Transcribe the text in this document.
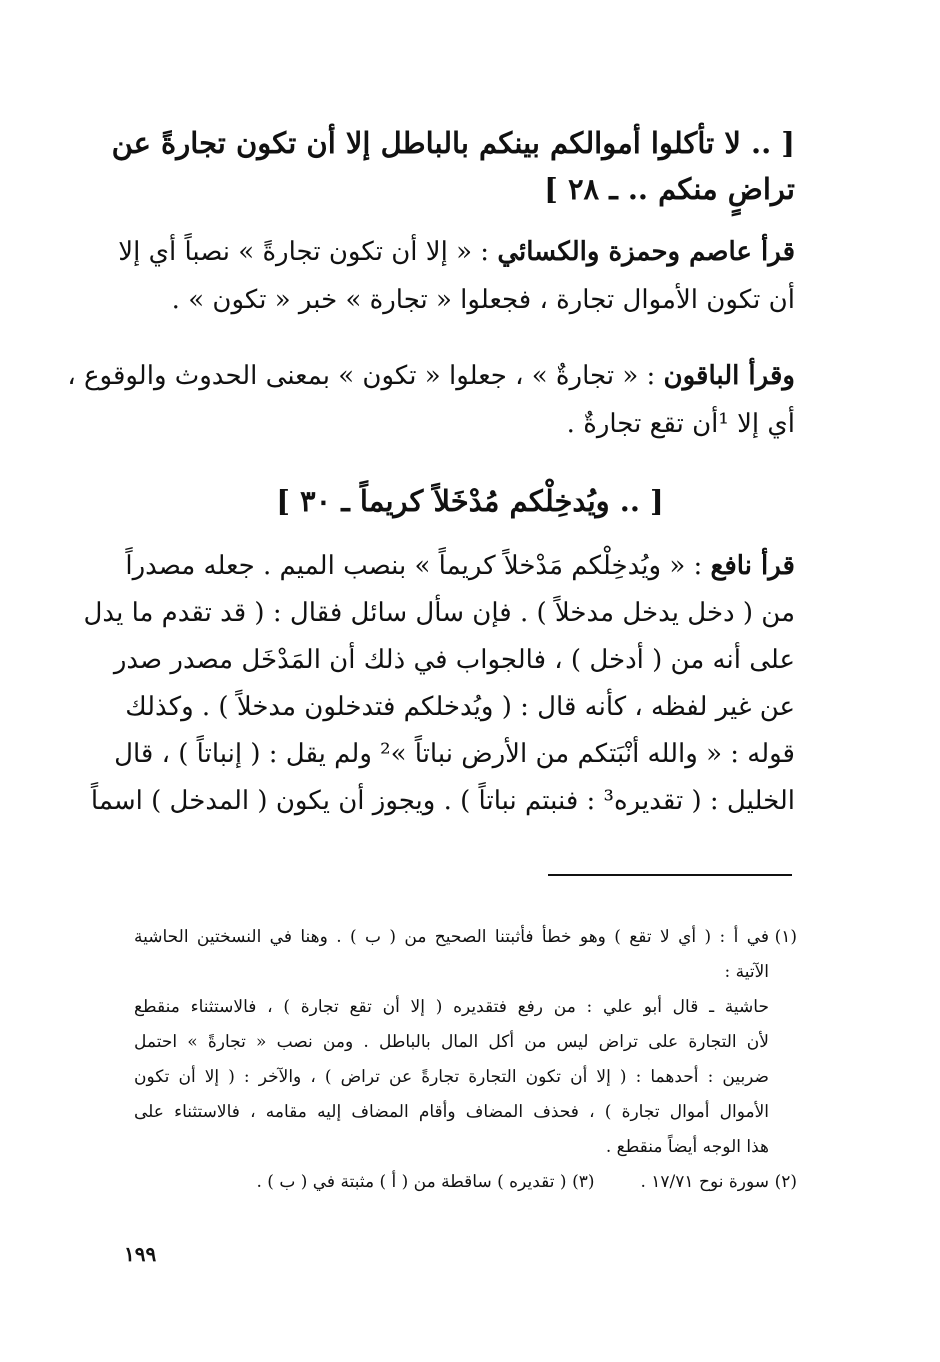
[ .. لا تأكلوا أموالكم بينكم بالباطل إلا أن تكون تجارةً عن
تراضٍ منكم .. ـ ٢٨ ]
قرأ عاصم وحمزة والكسائي : « إلا أن تكون تجارةً » نصباً أي إلا
أن تكون الأموال تجارة ، فجعلوا « تجارة » خبر « تكون » .
وقرأ الباقون : « تجارةٌ » ، جعلوا « تكون » بمعنى الحدوث والوقوع ،
أي إلا ¹أن تقع تجارةٌ .
[ .. ويُدخِلْكم مُدْخَلاً كريماً ـ ٣٠ ]
قرأ نافع : « ويُدخِلْكم مَدْخلاً كريماً » بنصب الميم . جعله مصدراً
من ( دخل يدخل مدخلاً ) . فإن سأل سائل فقال : ( قد تقدم ما يدل
على أنه من ( أدخل ) ، فالجواب في ذلك أن المَدْخَل مصدر صدر
عن غير لفظه ، كأنه قال : ( ويُدخلكم فتدخلون مدخلاً ) . وكذلك
قوله : « والله أنْبَتكم من الأرض نباتاً »² ولم يقل : ( إنباتاً ) ، قال
الخليل : ( تقديره³ : فنبتم نباتاً ) . ويجوز أن يكون ( المدخل ) اسماً
(١)في أ : ( أي لا تقع ) وهو خطأ فأثبتنا الصحيح من ( ب ) . وهنا في النسختين الحاشية
الآتية :
حاشية ـ قال أبو علي : من رفع فتقديره ( إلا أن تقع تجارة ) ، فالاستثناء منقطع
لأن التجارة على تراض ليس من أكل المال بالباطل . ومن نصب « تجارةً » احتمل
ضربين : أحدهما : ( إلا أن تكون التجارة تجارةً عن تراض ) ، والآخر : ( إلا أن تكون
الأموال أموال تجارة ) ، فحذف المضاف وأقام المضاف إليه مقامه ، فالاستثناء على
هذا الوجه أيضاً منقطع .
(٢)سورة نوح ١٧/٧١ .(٣)( تقديره ) ساقطة من ( أ ) مثبتة في ( ب ) .
١٩٩
